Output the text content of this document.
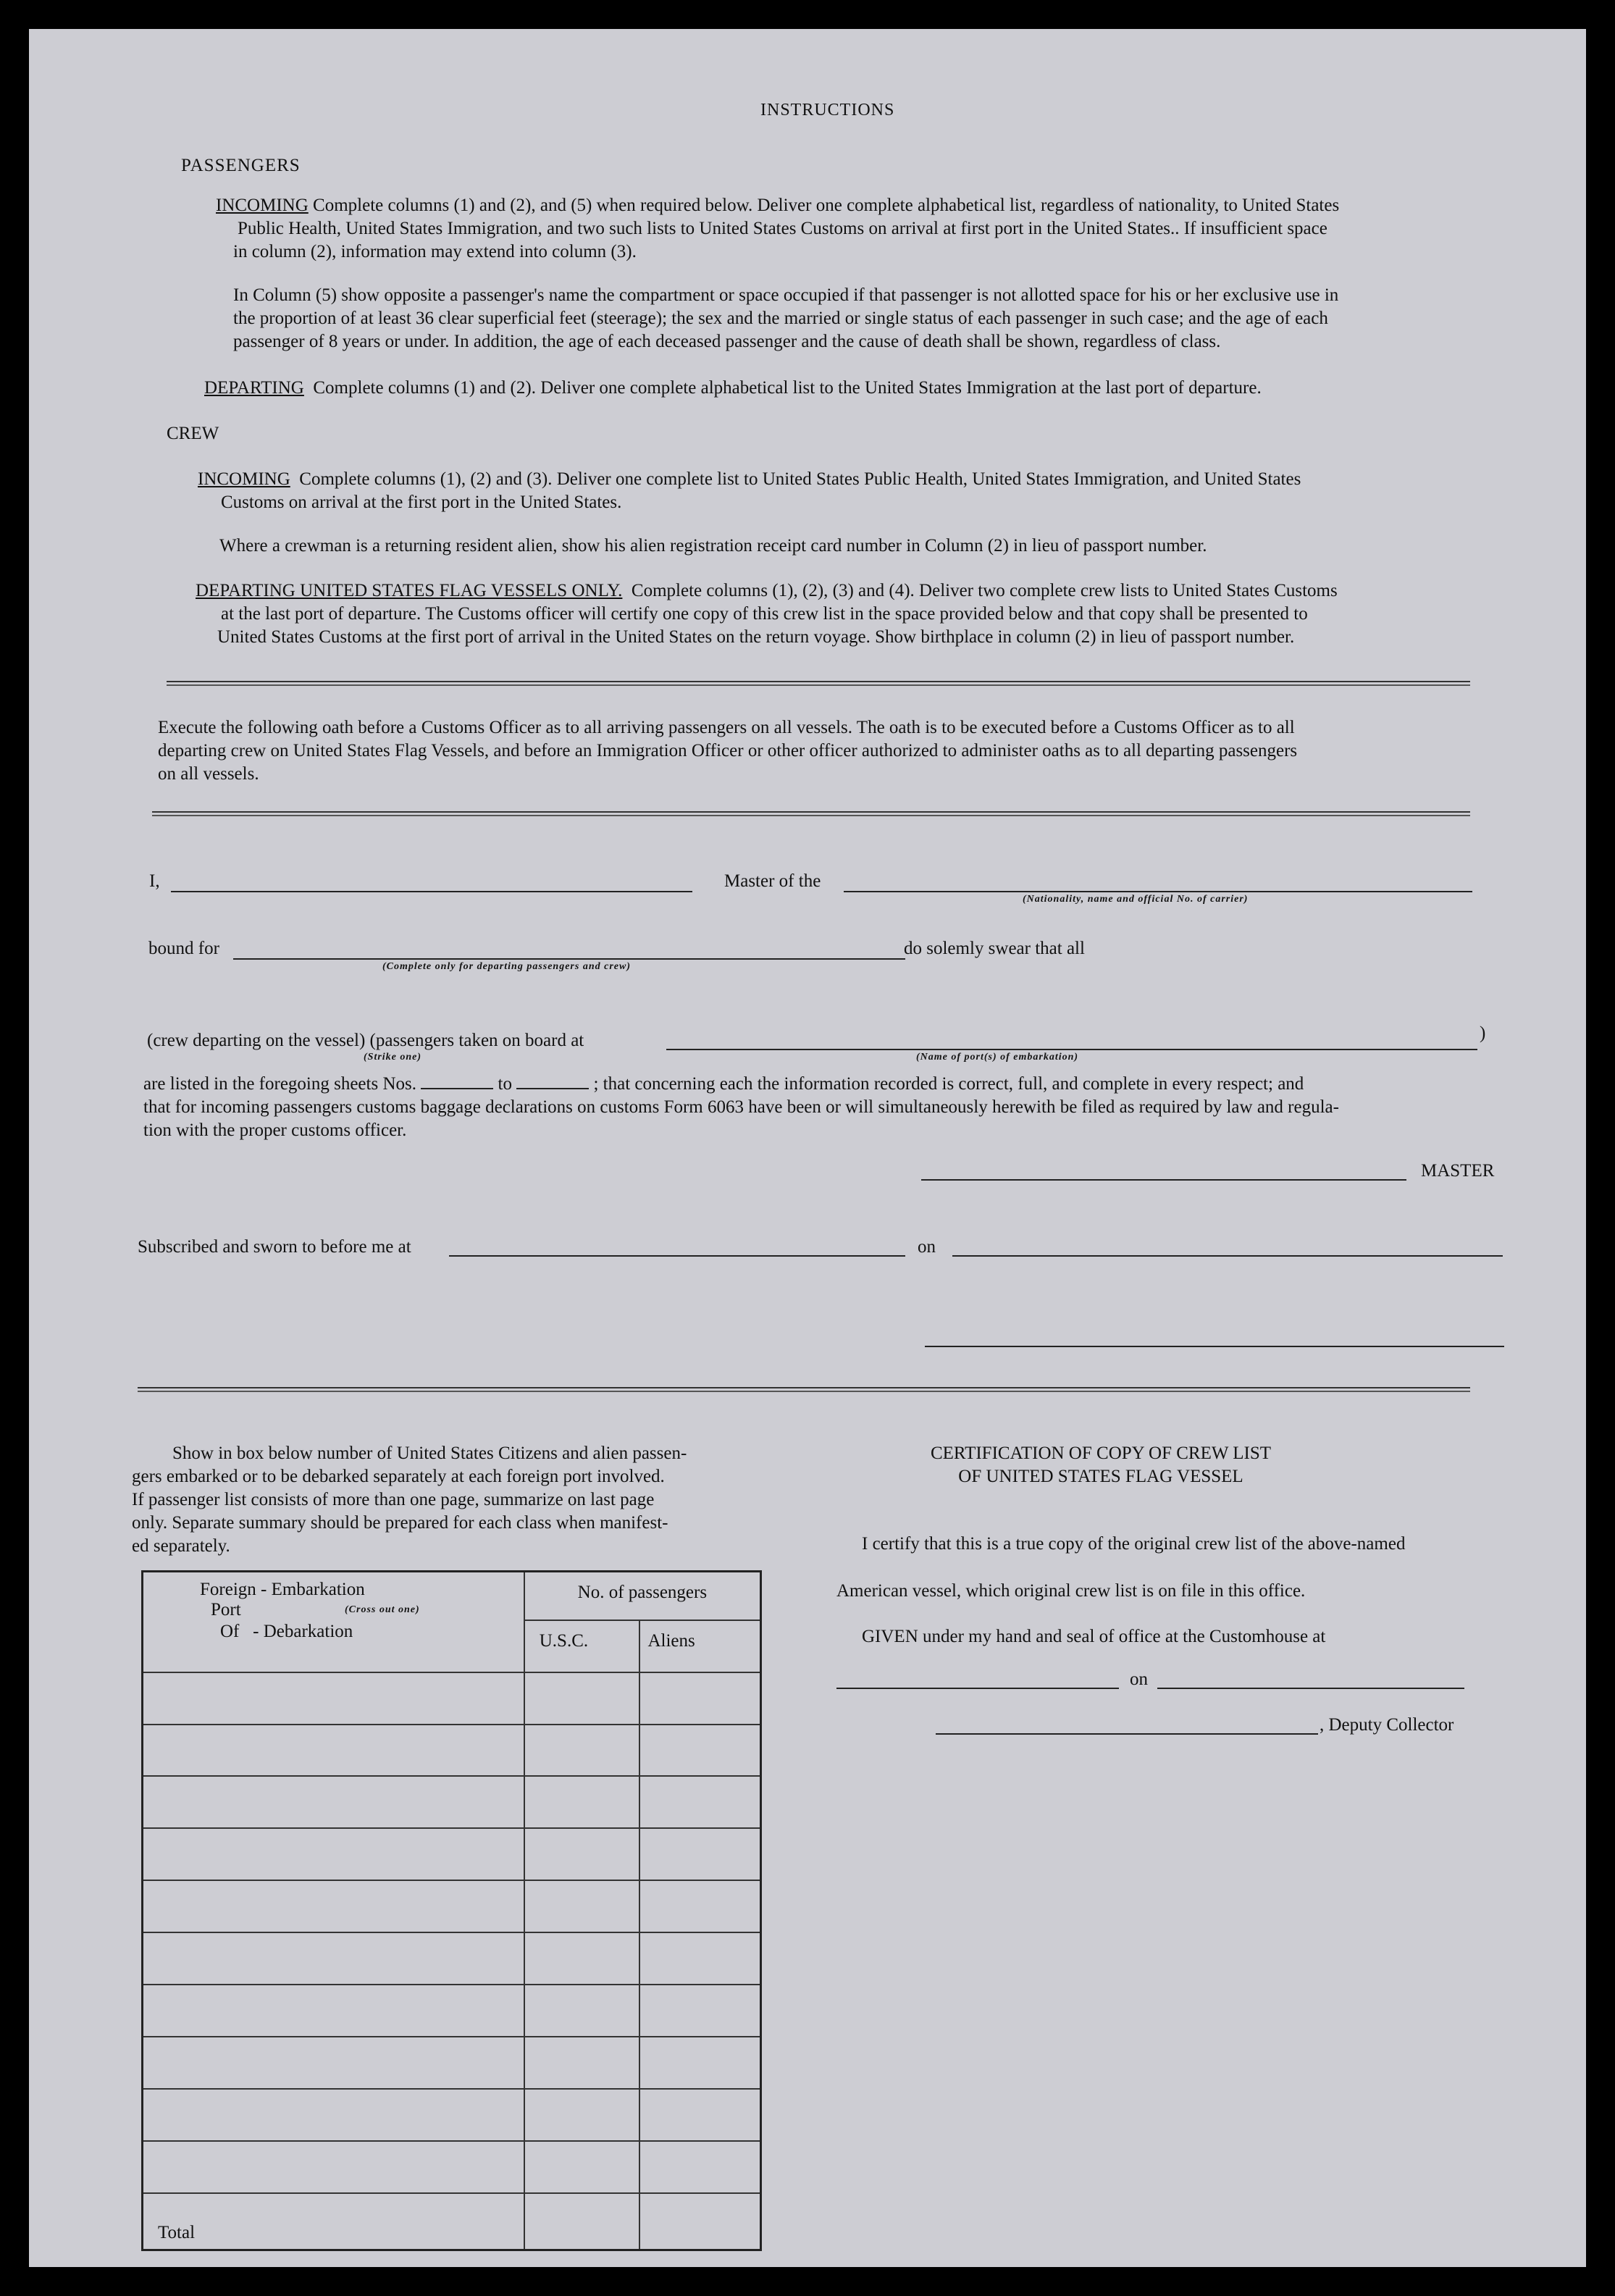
INSTRUCTIONS
PASSENGERS
INCOMING Complete columns (1) and (2), and (5) when required below. Deliver one complete alphabetical list, regardless of nationality, to United States
Public Health, United States Immigration, and two such lists to United States Customs on arrival at first port in the United States.. If insufficient space
in column (2), information may extend into column (3).
In Column (5) show opposite a passenger's name the compartment or space occupied if that passenger is not allotted space for his or her exclusive use in
the proportion of at least 36 clear superficial feet (steerage); the sex and the married or single status of each passenger in such case; and the age of each
passenger of 8 years or under. In addition, the age of each deceased passenger and the cause of death shall be shown, regardless of class.
DEPARTING Complete columns (1) and (2). Deliver one complete alphabetical list to the United States Immigration at the last port of departure.
CREW
INCOMING Complete columns (1), (2) and (3). Deliver one complete list to United States Public Health, United States Immigration, and United States
Customs on arrival at the first port in the United States.
Where a crewman is a returning resident alien, show his alien registration receipt card number in Column (2) in lieu of passport number.
DEPARTING UNITED STATES FLAG VESSELS ONLY. Complete columns (1), (2), (3) and (4). Deliver two complete crew lists to United States Customs
at the last port of departure. The Customs officer will certify one copy of this crew list in the space provided below and that copy shall be presented to
United States Customs at the first port of arrival in the United States on the return voyage. Show birthplace in column (2) in lieu of passport number.
Execute the following oath before a Customs Officer as to all arriving passengers on all vessels. The oath is to be executed before a Customs Officer as to all
departing crew on United States Flag Vessels, and before an Immigration Officer or other officer authorized to administer oaths as to all departing passengers
on all vessels.
I,	Master of the
(Nationality, name and official No. of carrier)
bound for
(Complete only for departing passengers and crew)
do solemly swear that all
(crew departing on the vessel) (passengers taken on board at	)
(Strike one)	(Name of port(s) of embarkation)
are listed in the foregoing sheets Nos.	to	; that concerning each the information recorded is correct, full, and complete in every respect; and
that for incoming passengers customs baggage declarations on customs Form 6063 have been or will simultaneously herewith be filed as required by law and regula-
tion with the proper customs officer.
MASTER
Subscribed and sworn to before me at	on
Show in box below number of United States Citizens and alien passen-
gers embarked or to be debarked separately at each foreign port involved.
If passenger list consists of more than one page, summarize on last page
only. Separate summary should be prepared for each class when manifest-
ed separately.
Foreign - Embarkation
Port (Cross out one)
Of - Debarkation	No. of passengers	
	U.S.C.	Aliens

Total		
CERTIFICATION OF COPY OF CREW LIST
OF UNITED STATES FLAG VESSEL
I certify that this is a true copy of the original crew list of the above-named
American vessel, which original crew list is on file in this office.
GIVEN under my hand and seal of office at the Customhouse at
on
, Deputy Collector
